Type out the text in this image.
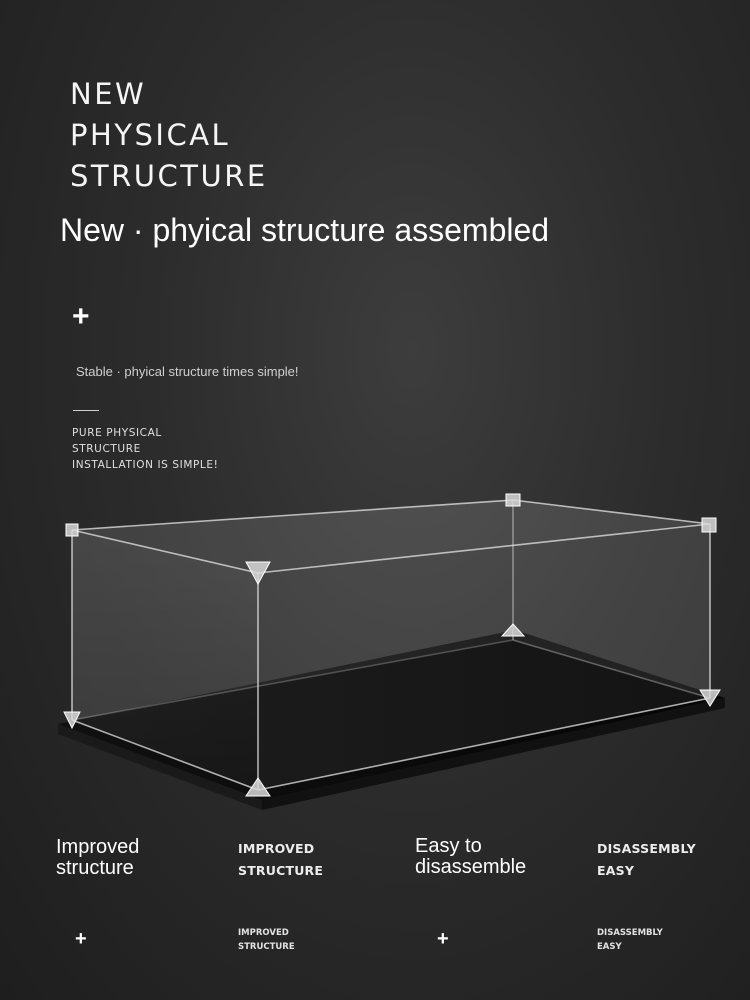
NEW
PHYSICAL
STRUCTURE
New · phyical structure assembled
+
Stable · phyical structure times simple!
PURE PHYSICAL
STRUCTURE
INSTALLATION IS SIMPLE!
Improved
structure
IMPROVED
STRUCTURE
Easy to
disassemble
DISASSEMBLY
EASY
+	IMPROVED
STRUCTURE	+	DISASSEMBLY
EASY
